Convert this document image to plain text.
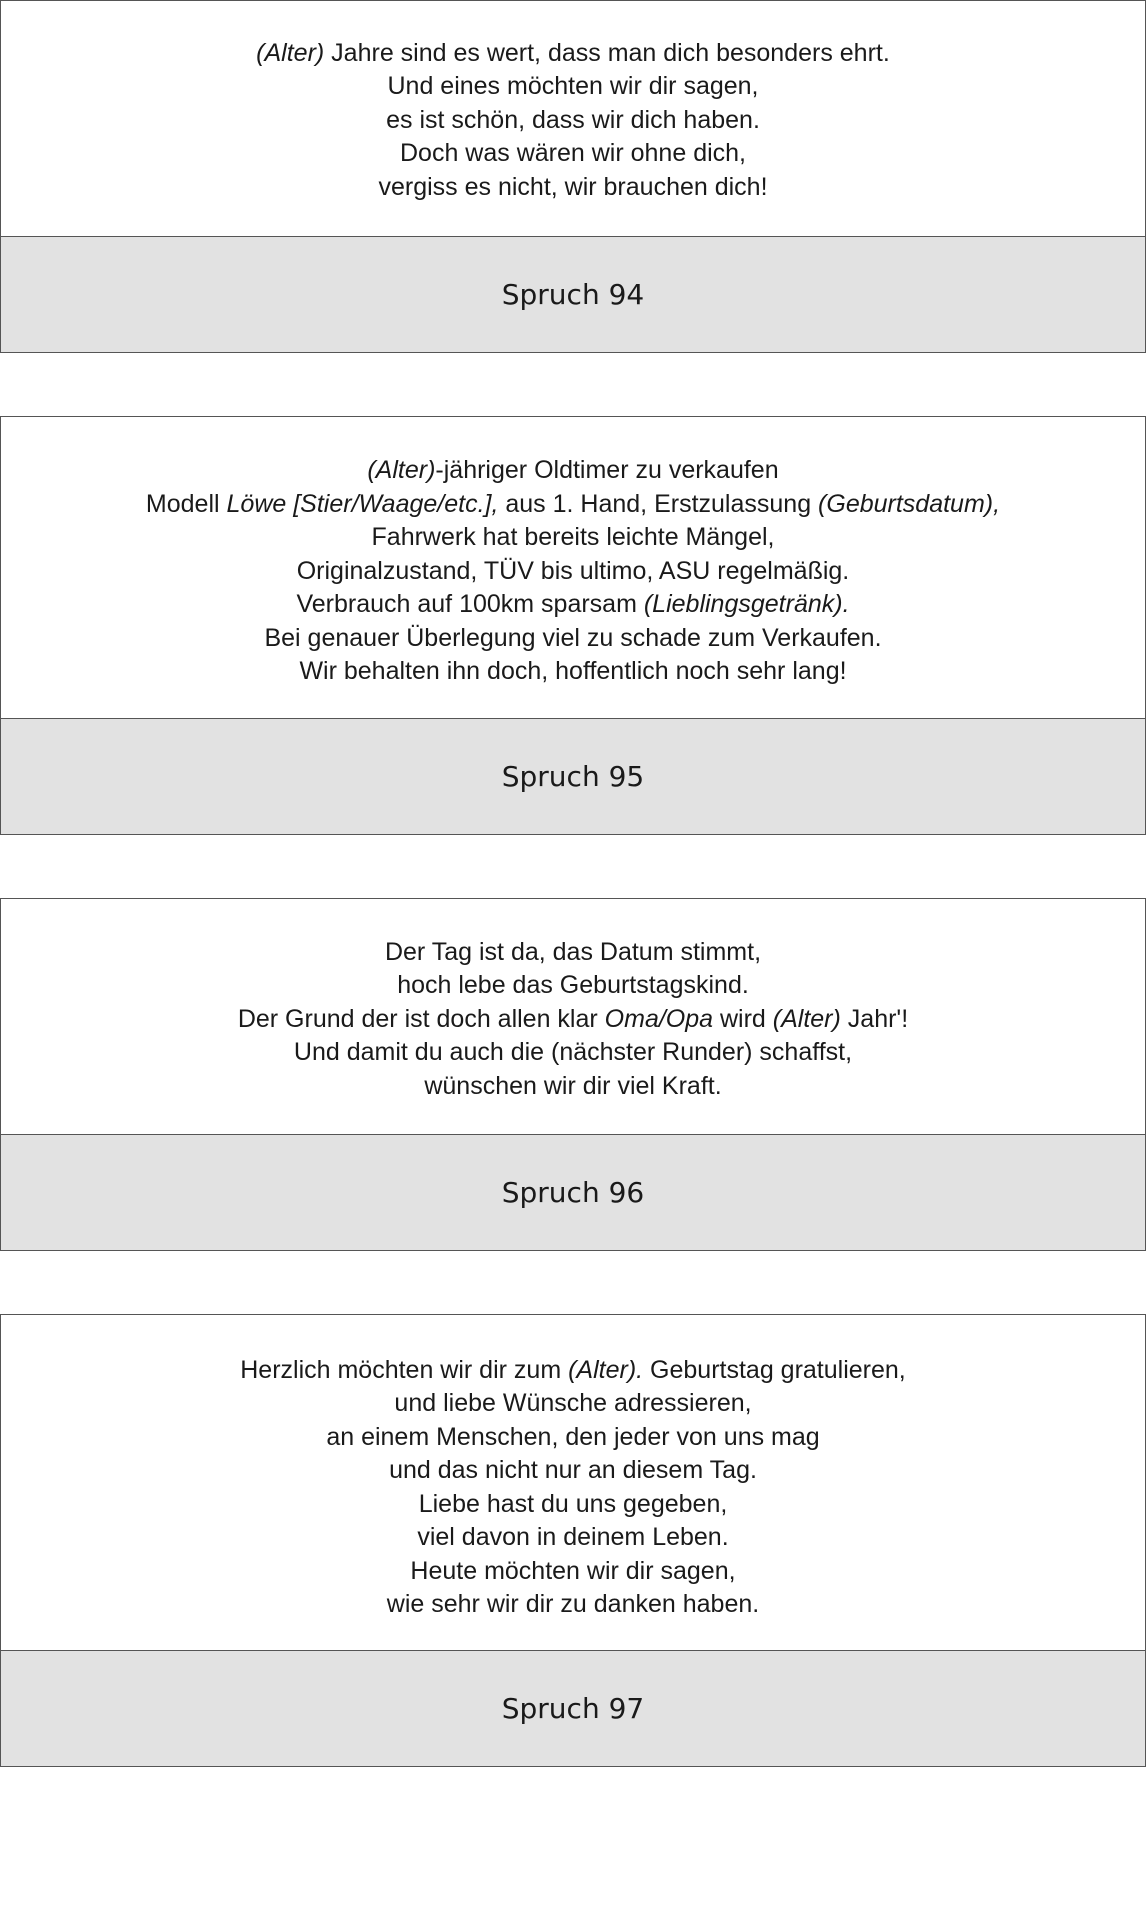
(Alter) Jahre sind es wert, dass man dich besonders ehrt.
Und eines möchten wir dir sagen,
es ist schön, dass wir dich haben.
Doch was wären wir ohne dich,
vergiss es nicht, wir brauchen dich!
Spruch 94
(Alter)-jähriger Oldtimer zu verkaufen
Modell Löwe [Stier/Waage/etc.], aus 1. Hand, Erstzulassung (Geburtsdatum),
Fahrwerk hat bereits leichte Mängel,
Originalzustand, TÜV bis ultimo, ASU regelmäßig.
Verbrauch auf 100km sparsam (Lieblingsgetränk).
Bei genauer Überlegung viel zu schade zum Verkaufen.
Wir behalten ihn doch, hoffentlich noch sehr lang!
Spruch 95
Der Tag ist da, das Datum stimmt,
hoch lebe das Geburtstagskind.
Der Grund der ist doch allen klar Oma/Opa wird (Alter) Jahr'!
Und damit du auch die (nächster Runder) schaffst,
wünschen wir dir viel Kraft.
Spruch 96
Herzlich möchten wir dir zum (Alter). Geburtstag gratulieren,
und liebe Wünsche adressieren,
an einem Menschen, den jeder von uns mag
und das nicht nur an diesem Tag.
Liebe hast du uns gegeben,
viel davon in deinem Leben.
Heute möchten wir dir sagen,
wie sehr wir dir zu danken haben.
Spruch 97
